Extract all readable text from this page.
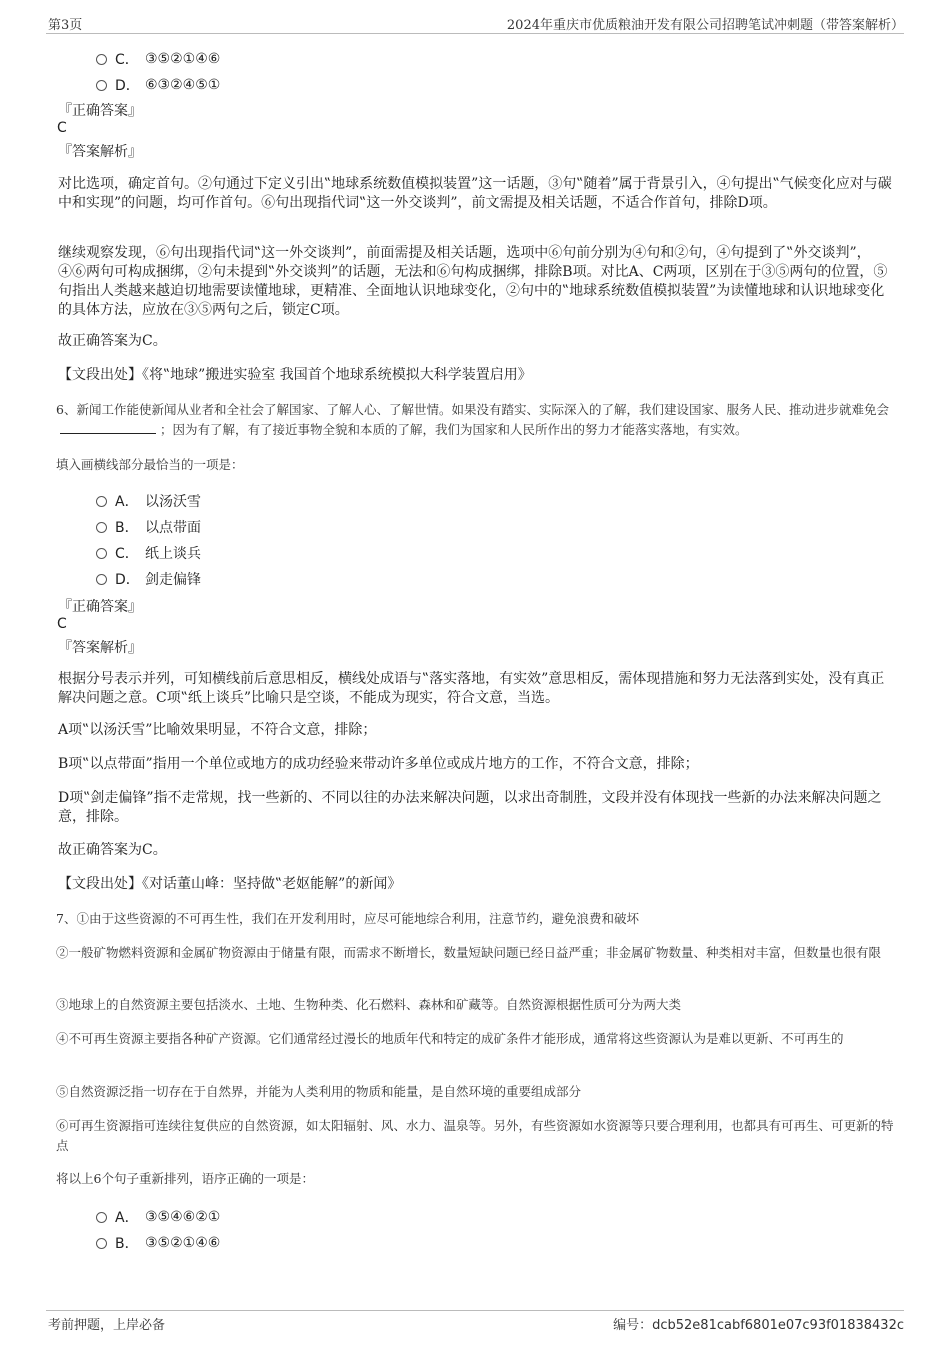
第3页	2024年重庆市优质粮油开发有限公司招聘笔试冲刺题（带答案解析）
C． ③⑤②①④⑥
D． ⑥③②④⑤①
『正确答案』
C
『答案解析』
对比选项，确定首句。②句通过下定义引出‟地球系统数值模拟装置”这一话题，③句‟随着”属于背景引入，④句提出‟气候变化应对与碳中和实现”的问题，均可作首句。⑥句出现指代词‟这一外交谈判”，前文需提及相关话题，不适合作首句，排除D项。
继续观察发现，⑥句出现指代词‟这一外交谈判”，前面需提及相关话题，选项中⑥句前分别为④句和②句，④句提到了‟外交谈判”，④⑥两句可构成捆绑，②句未提到‟外交谈判”的话题，无法和⑥句构成捆绑，排除B项。对比A、C两项，区别在于③⑤两句的位置，⑤句指出人类越来越迫切地需要读懂地球，更精准、全面地认识地球变化，②句中的‟地球系统数值模拟装置”为读懂地球和认识地球变化的具体方法，应放在③⑤两句之后，锁定C项。
故正确答案为C。
【文段出处】《将‟地球”搬进实验室 我国首个地球系统模拟大科学装置启用》
6、新闻工作能使新闻从业者和全社会了解国家、了解人心、了解世情。如果没有踏实、实际深入的了解，我们建设国家、服务人民、推动进步就难免会；因为有了解，有了接近事物全貌和本质的了解，我们为国家和人民所作出的努力才能落实落地，有实效。
填入画横线部分最恰当的一项是：
A． 以汤沃雪
B． 以点带面
C． 纸上谈兵
D． 剑走偏锋
『正确答案』
C
『答案解析』
根据分号表示并列，可知横线前后意思相反，横线处成语与‟落实落地，有实效”意思相反，需体现措施和努力无法落到实处，没有真正解决问题之意。C项‟纸上谈兵”比喻只是空谈，不能成为现实，符合文意，当选。
A项‟以汤沃雪”比喻效果明显，不符合文意，排除；
B项‟以点带面”指用一个单位或地方的成功经验来带动许多单位或成片地方的工作，不符合文意，排除；
D项‟剑走偏锋”指不走常规，找一些新的、不同以往的办法来解决问题，以求出奇制胜，文段并没有体现找一些新的办法来解决问题之意，排除。
故正确答案为C。
【文段出处】《对话董山峰：坚持做‟老妪能解”的新闻》
7、①由于这些资源的不可再生性，我们在开发利用时，应尽可能地综合利用，注意节约，避免浪费和破坏
②一般矿物燃料资源和金属矿物资源由于储量有限，而需求不断增长，数量短缺问题已经日益严重；非金属矿物数量、种类相对丰富，但数量也很有限
③地球上的自然资源主要包括淡水、土地、生物种类、化石燃料、森林和矿藏等。自然资源根据性质可分为两大类
④不可再生资源主要指各种矿产资源。它们通常经过漫长的地质年代和特定的成矿条件才能形成，通常将这些资源认为是难以更新、不可再生的
⑤自然资源泛指一切存在于自然界，并能为人类利用的物质和能量，是自然环境的重要组成部分
⑥可再生资源指可连续往复供应的自然资源，如太阳辐射、风、水力、温泉等。另外，有些资源如水资源等只要合理利用，也都具有可再生、可更新的特点
将以上6个句子重新排列，语序正确的一项是：
A． ③⑤④⑥②①
B． ③⑤②①④⑥
考前押题，上岸必备	编号：dcb52e81cabf6801e07c93f01838432c
